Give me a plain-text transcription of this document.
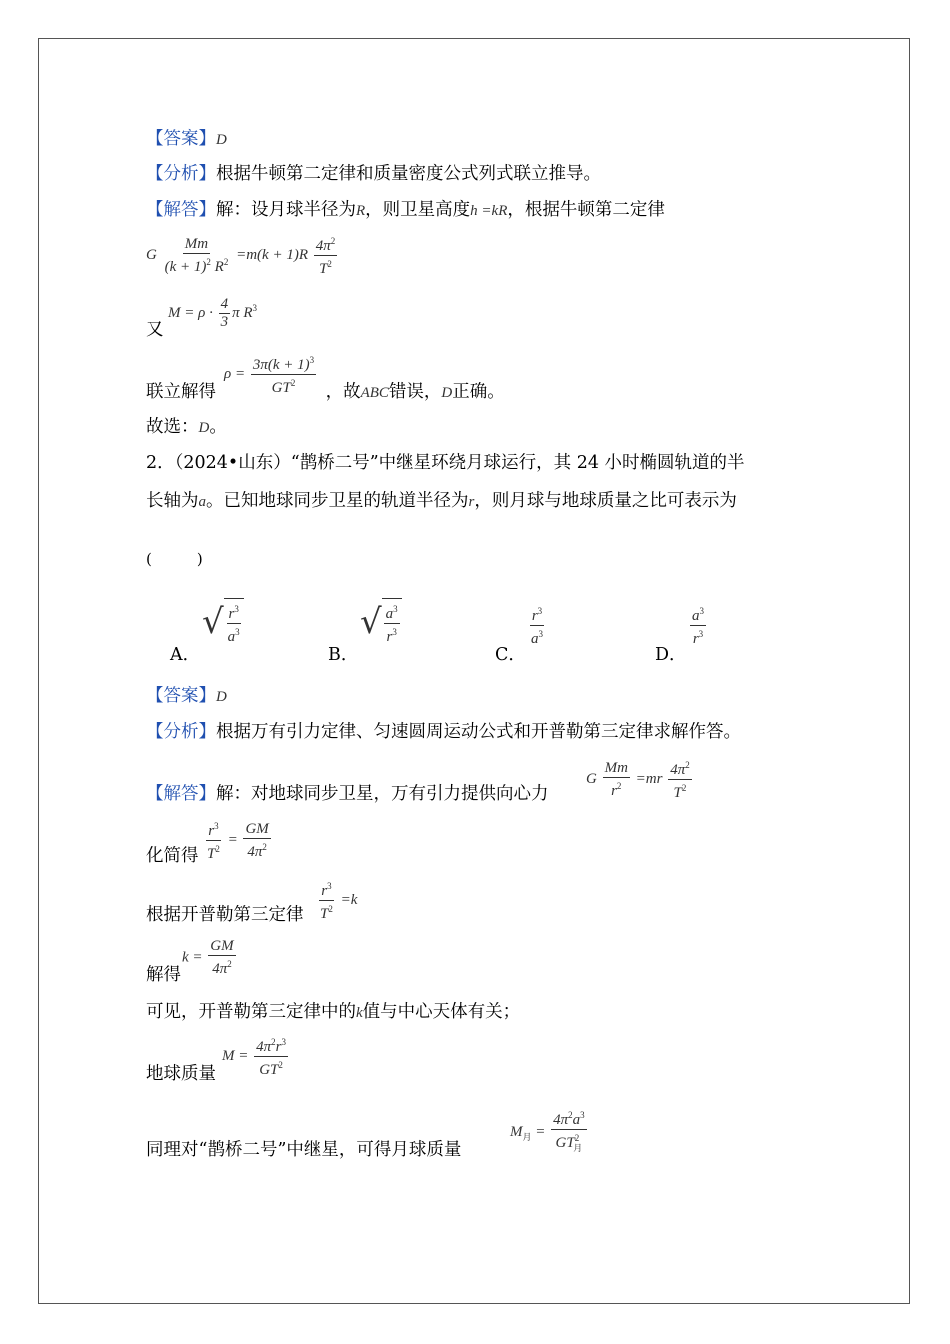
【答案】D
【分析】根据牛顿第二定律和质量密度公式列式联立推导。
【解答】解：设月球半径为R，则卫星高度h =kR，根据牛顿第二定律
G $\frac{Mm}{(k + 1)^2 R^2} =m(k + 1)R \frac{4\pi^2}{T^2}$
又
$M = \rho \cdot \frac{4}{3}$ π $R^3$
联立解得	，故ABC错误，D正确。
$\rho = \frac{3\pi(k + 1)^3}{GT^2}$
故选：D。
2．（2024•山东）“鹊桥二号”中继星环绕月球运行，其 24 小时椭圆轨道的半
长轴为a。已知地球同步卫星的轨道半径为r，则月球与地球质量之比可表示为
(　　　)
A．
√ $\frac{r^3}{a^3}$
B．
√ $\frac{a^3}{r^3}$
C．
$\frac{r^3}{a^3}$
D．
$\frac{a^3}{r^3}$
【答案】D
【分析】根据万有引力定律、匀速圆周运动公式和开普勒第三定律求解作答。
【解答】解：对地球同步卫星，万有引力提供向心力
G $\frac{Mm}{r^2} =mr \frac{4\pi^2}{T^2}$
化简得 $\frac{r^3}{T^2} = \frac{GM}{4\pi^2}$
根据开普勒第三定律 $\frac{r^3}{T^2} =k$
解得
$k = \frac{GM}{4\pi^2}$
可见，开普勒第三定律中的k值与中心天体有关；
地球质量
$M = \frac{4\pi^2r^3}{GT^2}$
同理对“鹊桥二号”中继星，可得月球质量
$M_月 = \frac{4\pi^2a^3}{GT^2_月}$
